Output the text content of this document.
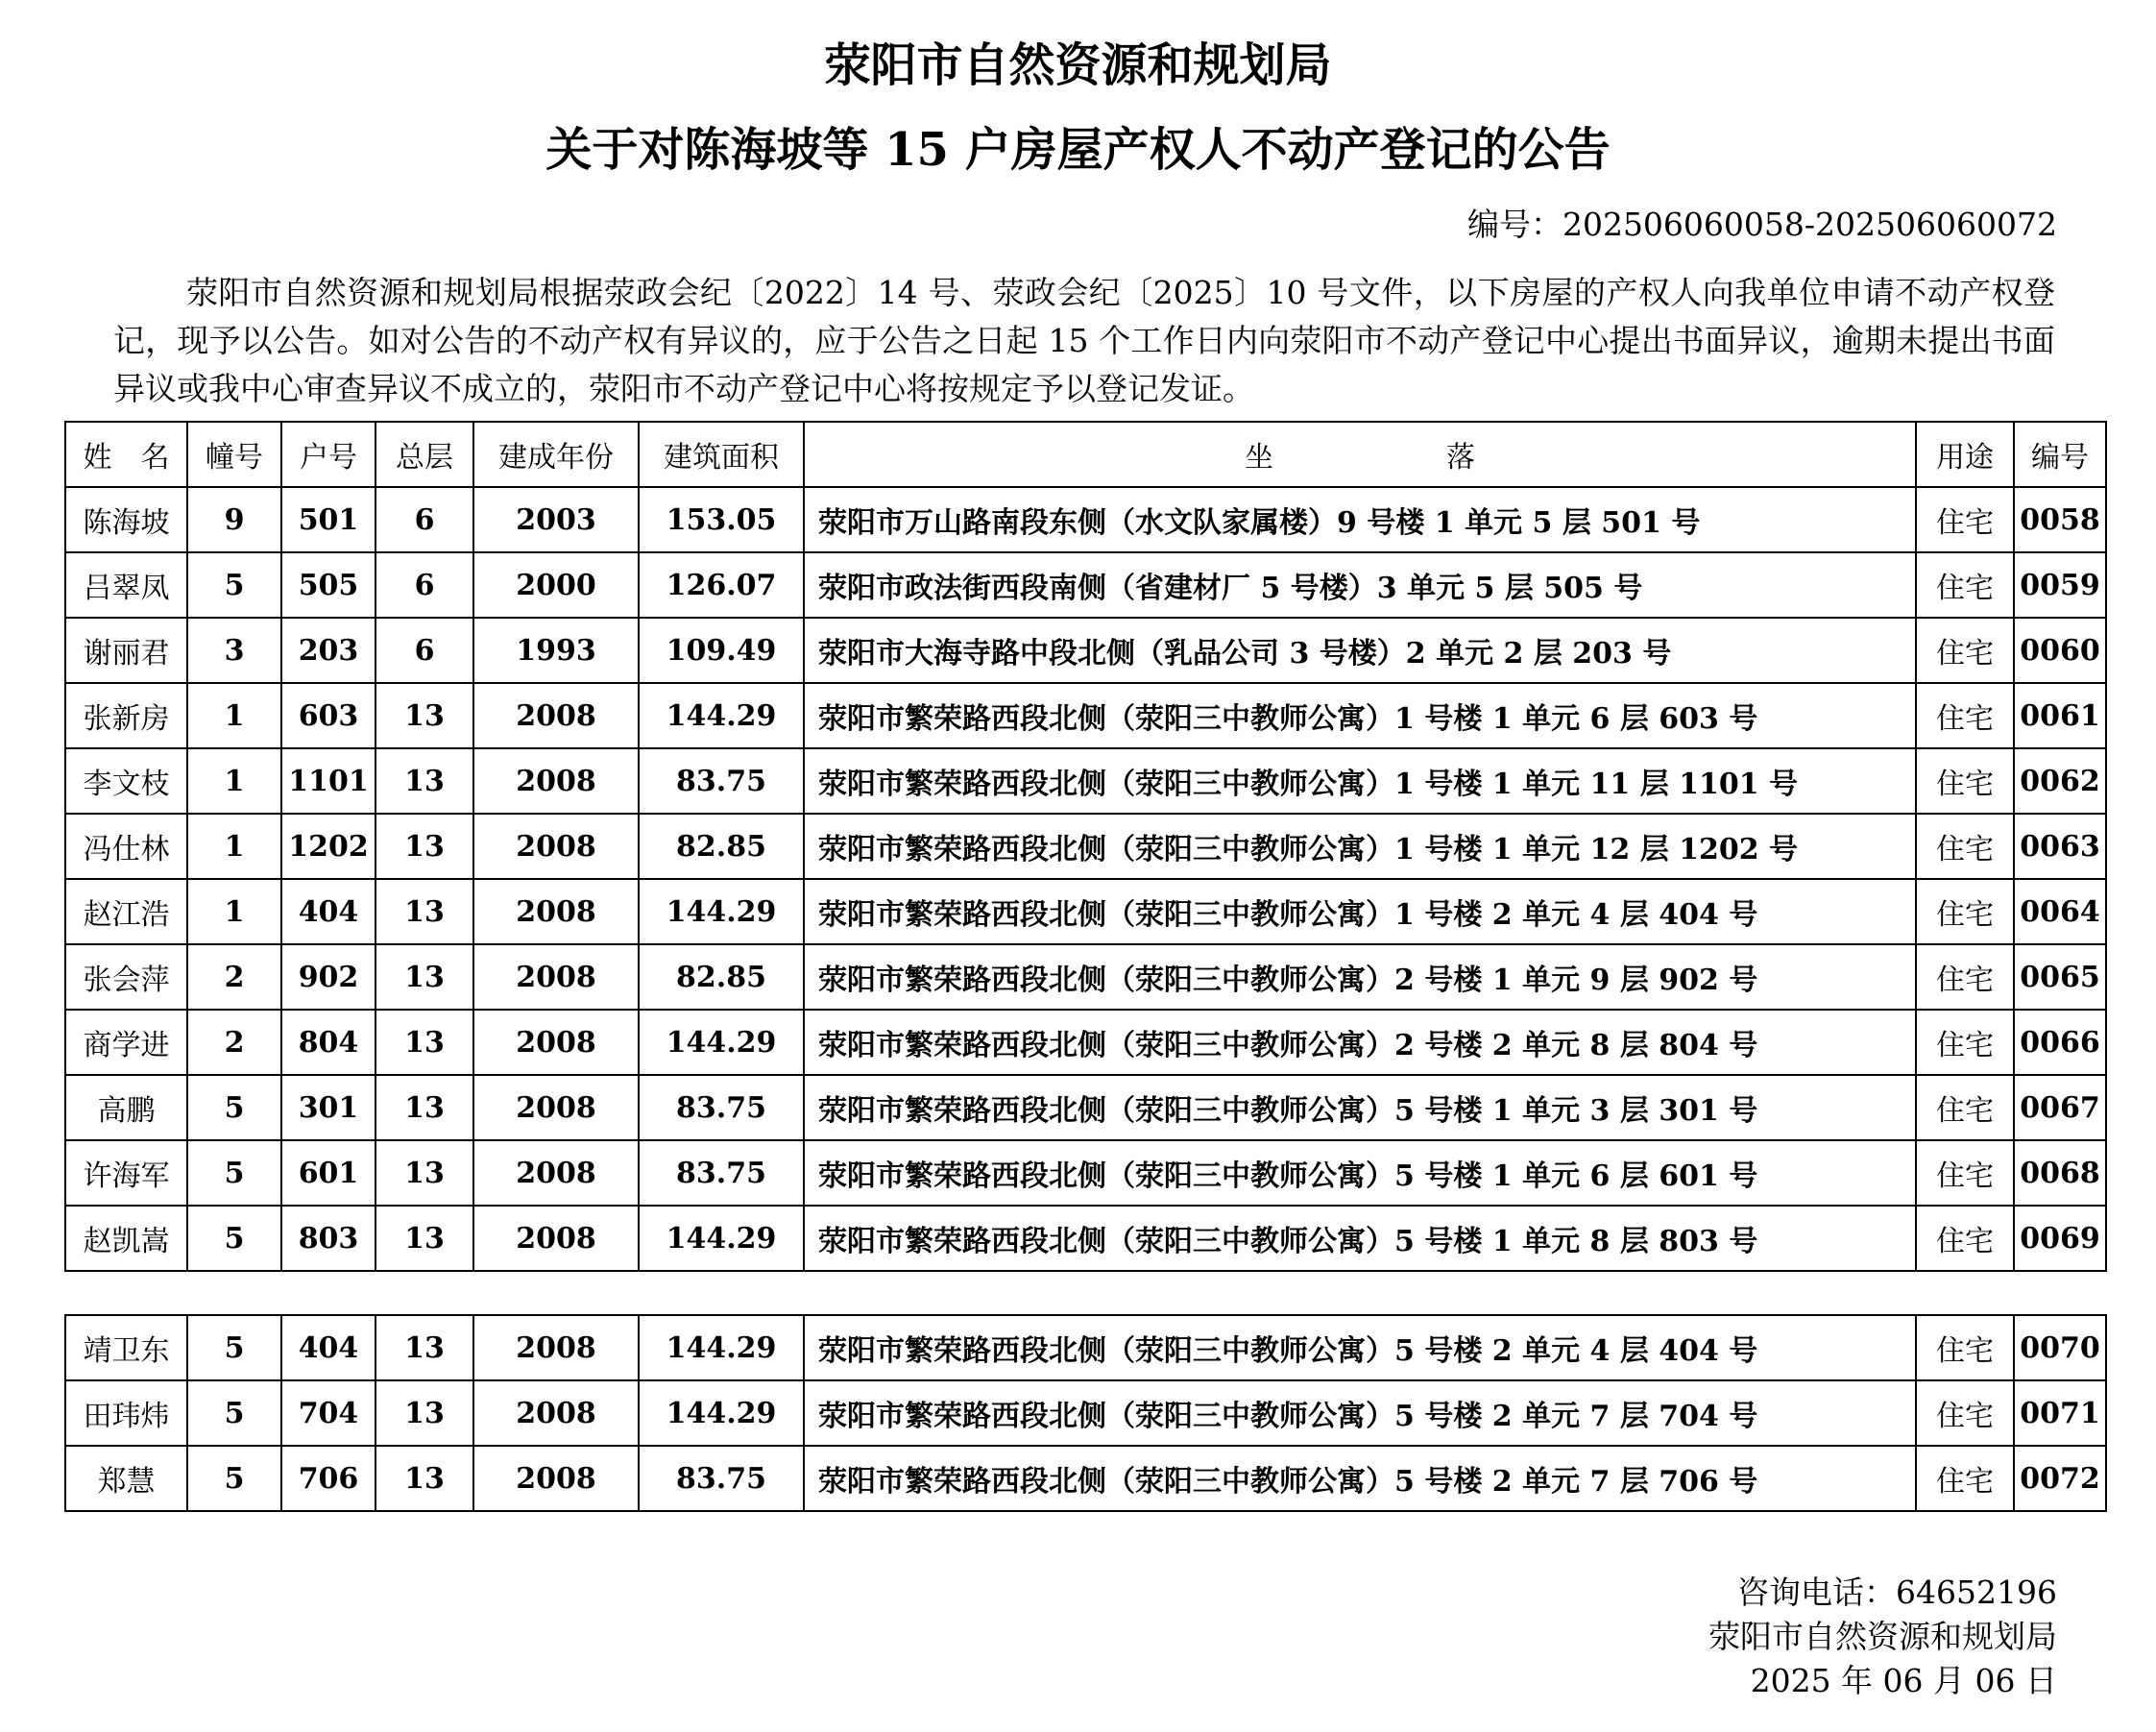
荥阳市自然资源和规划局
关于对陈海坡等 15 户房屋产权人不动产登记的公告
编号：202506060058-202506060072

荥阳市自然资源和规划局根据荥政会纪〔2022〕14 号、荥政会纪〔2025〕10 号文件，以下房屋的产权人向我单位申请不动产权登记，现予以公告。如对公告的不动产权有异议的，应于公告之日起 15 个工作日内向荥阳市不动产登记中心提出书面异议，逾期未提出书面异议或我中心审查异议不成立的，荥阳市不动产登记中心将按规定予以登记发证。

姓　名	幢号	户号	总层	建成年份	建筑面积	坐　　　　　　落	用途	编号
陈海坡	9	501	6	2003	153.05	荥阳市万山路南段东侧（水文队家属楼）9 号楼 1 单元 5 层 501 号	住宅	0058
吕翠凤	5	505	6	2000	126.07	荥阳市政法街西段南侧（省建材厂 5 号楼）3 单元 5 层 505 号	住宅	0059
谢丽君	3	203	6	1993	109.49	荥阳市大海寺路中段北侧（乳品公司 3 号楼）2 单元 2 层 203 号	住宅	0060
张新房	1	603	13	2008	144.29	荥阳市繁荣路西段北侧（荥阳三中教师公寓）1 号楼 1 单元 6 层 603 号	住宅	0061
李文枝	1	1101	13	2008	83.75	荥阳市繁荣路西段北侧（荥阳三中教师公寓）1 号楼 1 单元 11 层 1101 号	住宅	0062
冯仕林	1	1202	13	2008	82.85	荥阳市繁荣路西段北侧（荥阳三中教师公寓）1 号楼 1 单元 12 层 1202 号	住宅	0063
赵江浩	1	404	13	2008	144.29	荥阳市繁荣路西段北侧（荥阳三中教师公寓）1 号楼 2 单元 4 层 404 号	住宅	0064
张会萍	2	902	13	2008	82.85	荥阳市繁荣路西段北侧（荥阳三中教师公寓）2 号楼 1 单元 9 层 902 号	住宅	0065
商学进	2	804	13	2008	144.29	荥阳市繁荣路西段北侧（荥阳三中教师公寓）2 号楼 2 单元 8 层 804 号	住宅	0066
高鹏	5	301	13	2008	83.75	荥阳市繁荣路西段北侧（荥阳三中教师公寓）5 号楼 1 单元 3 层 301 号	住宅	0067
许海军	5	601	13	2008	83.75	荥阳市繁荣路西段北侧（荥阳三中教师公寓）5 号楼 1 单元 6 层 601 号	住宅	0068
赵凯嵩	5	803	13	2008	144.29	荥阳市繁荣路西段北侧（荥阳三中教师公寓）5 号楼 1 单元 8 层 803 号	住宅	0069
靖卫东	5	404	13	2008	144.29	荥阳市繁荣路西段北侧（荥阳三中教师公寓）5 号楼 2 单元 4 层 404 号	住宅	0070
田玮炜	5	704	13	2008	144.29	荥阳市繁荣路西段北侧（荥阳三中教师公寓）5 号楼 2 单元 7 层 704 号	住宅	0071
郑慧	5	706	13	2008	83.75	荥阳市繁荣路西段北侧（荥阳三中教师公寓）5 号楼 2 单元 7 层 706 号	住宅	0072
咨询电话：64652196
荥阳市自然资源和规划局
2025 年 06 月 06 日
